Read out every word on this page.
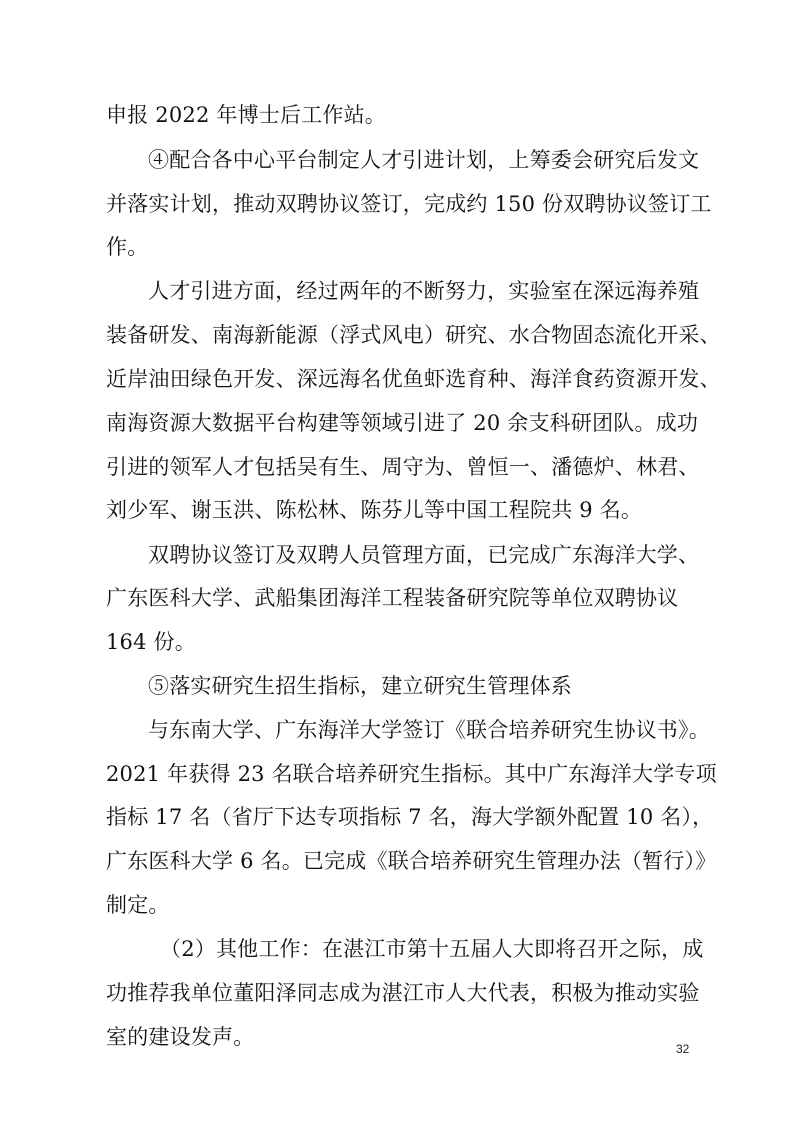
申报 2022 年博士后工作站。
④配合各中心平台制定人才引进计划，上筹委会研究后发文
并落实计划，推动双聘协议签订，完成约 150 份双聘协议签订工
作。
人才引进方面，经过两年的不断努力，实验室在深远海养殖
装备研发、南海新能源（浮式风电）研究、水合物固态流化开采、
近岸油田绿色开发、深远海名优鱼虾选育种、海洋食药资源开发、
南海资源大数据平台构建等领域引进了 20 余支科研团队。成功
引进的领军人才包括吴有生、周守为、曾恒一、潘德炉、林君、
刘少军、谢玉洪、陈松林、陈芬儿等中国工程院共 9 名。
双聘协议签订及双聘人员管理方面，已完成广东海洋大学、
广东医科大学、武船集团海洋工程装备研究院等单位双聘协议
164 份。
⑤落实研究生招生指标，建立研究生管理体系
与东南大学、广东海洋大学签订《联合培养研究生协议书》。
2021 年获得 23 名联合培养研究生指标。其中广东海洋大学专项
指标 17 名（省厅下达专项指标 7 名，海大学额外配置 10 名），
广东医科大学 6 名。已完成《联合培养研究生管理办法（暂行）》
制定。
（2）其他工作：在湛江市第十五届人大即将召开之际，成
功推荐我单位董阳泽同志成为湛江市人大代表，积极为推动实验
室的建设发声。	32
